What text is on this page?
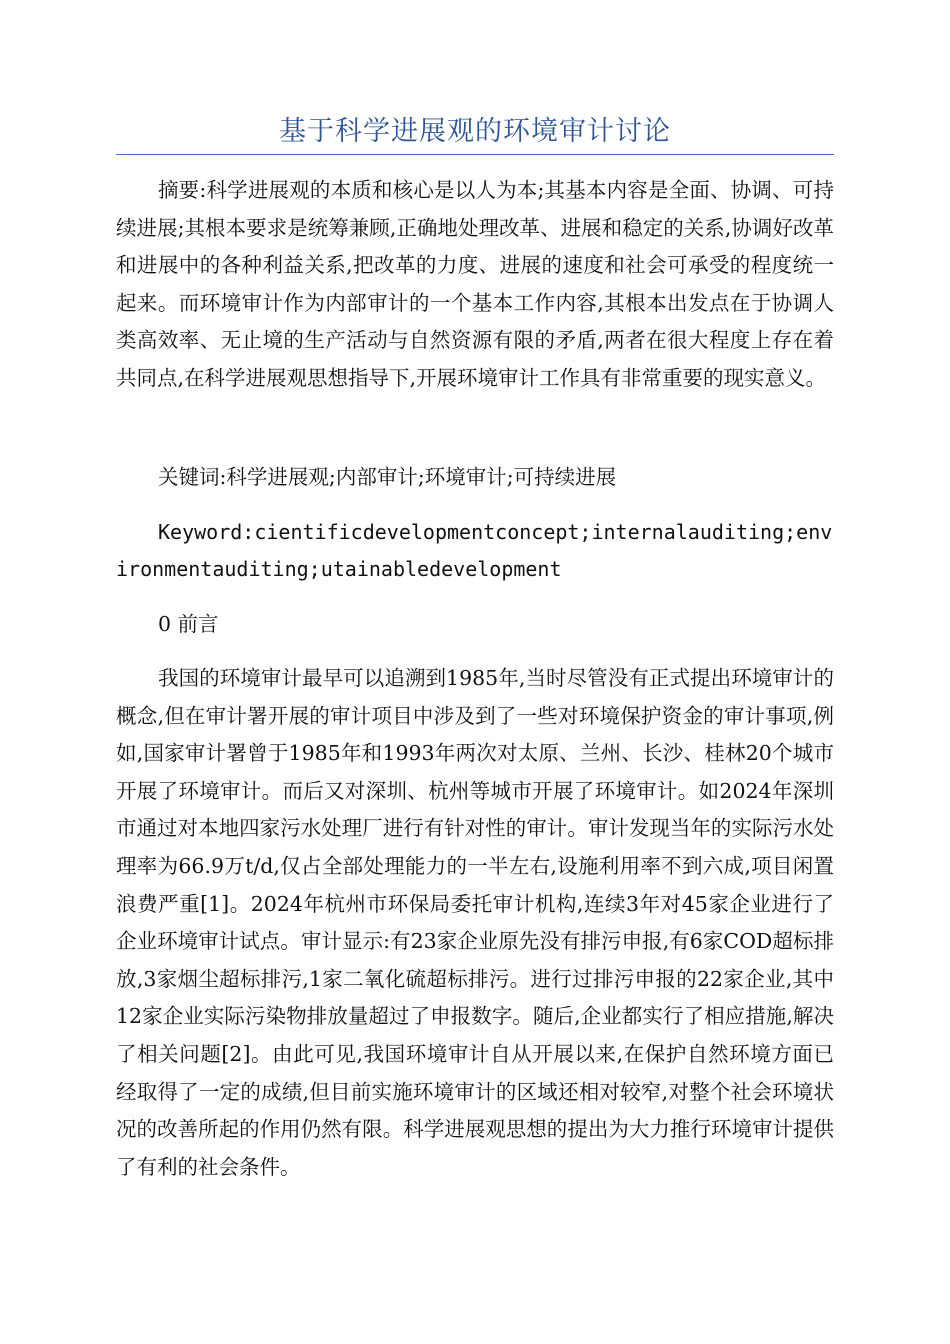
基于科学进展观的环境审计讨论

摘要:科学进展观的本质和核心是以人为本;其基本内容是全面、协调、可持续进展;其根本要求是统筹兼顾,正确地处理改革、进展和稳定的关系,协调好改革和进展中的各种利益关系,把改革的力度、进展的速度和社会可承受的程度统一起来。而环境审计作为内部审计的一个基本工作内容,其根本出发点在于协调人类高效率、无止境的生产活动与自然资源有限的矛盾,两者在很大程度上存在着共同点,在科学进展观思想指导下,开展环境审计工作具有非常重要的现实意义。

关键词:科学进展观;内部审计;环境审计;可持续进展

Keyword:cientificdevelopmentconcept;internalauditing;environmentauditing;utainabledevelopment

0 前言

我国的环境审计最早可以追溯到1985年,当时尽管没有正式提出环境审计的概念,但在审计署开展的审计项目中涉及到了一些对环境保护资金的审计事项,例如,国家审计署曾于1985年和1993年两次对太原、兰州、长沙、桂林20个城市开展了环境审计。而后又对深圳、杭州等城市开展了环境审计。如2024年深圳市通过对本地四家污水处理厂进行有针对性的审计。审计发现当年的实际污水处理率为66.9万t/d,仅占全部处理能力的一半左右,设施利用率不到六成,项目闲置浪费严重[1]。2024年杭州市环保局委托审计机构,连续3年对45家企业进行了企业环境审计试点。审计显示:有23家企业原先没有排污申报,有6家COD超标排放,3家烟尘超标排污,1家二氧化硫超标排污。进行过排污申报的22家企业,其中12家企业实际污染物排放量超过了申报数字。随后,企业都实行了相应措施,解决了相关问题[2]。由此可见,我国环境审计自从开展以来,在保护自然环境方面已经取得了一定的成绩,但目前实施环境审计的区域还相对较窄,对整个社会环境状况的改善所起的作用仍然有限。科学进展观思想的提出为大力推行环境审计提供了有利的社会条件。
